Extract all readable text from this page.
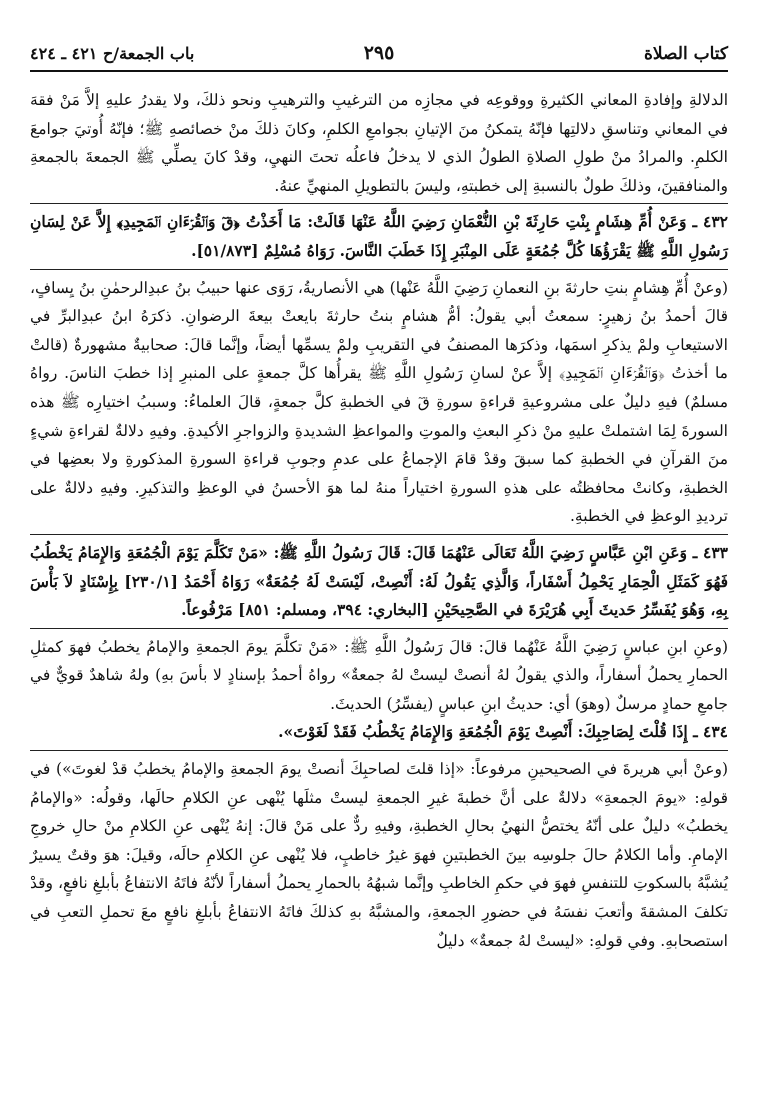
كتاب الصلاة
٢٩٥
باب الجمعة/ح ٤٢١ ـ ٤٢٤

الدلالةِ وإفادةِ المعاني الكثيرةِ ووقوعِه في مجازِه من الترغيبِ والترهيبِ ونحو ذلكَ، ولا يقدرُ عليهِ إلاَّ مَنْ فقهَ في المعاني وتناسقِ دلالتِها فإنّهُ يتمكنُ منَ الإتيانِ بجوامعِ الكلمِ، وكانَ ذلكَ منْ خصائصهِ ﷺ؛ فإنّهُ أُوتيَ جوامعَ الكلمِ. والمرادُ منْ طولِ الصلاةِ الطولُ الذي لا يدخلُ فاعلُه تحتَ النهيِ، وقدْ كانَ يصلِّي ﷺ الجمعةَ بالجمعةِ والمنافقينَ، وذلكَ طولٌ بالنسبةِ إلى خطبتهِ، وليسَ بالتطويلِ المنهيِّ عنهُ.

٤٣٢ ـ وَعَنْ أُمِّ هِشَامٍ بِنْتِ حَارِثَةَ بْنِ النُّعْمَانِ رَضِيَ اللَّهُ عَنْهَا قَالَتْ: مَا أَخَذْتُ ﴿قٓ وَٱلۡقُرۡءَانِ ٱلۡمَجِيدِ﴾ إِلاَّ عَنْ لِسَانِ رَسُولِ اللَّهِ ﷺ يَقْرَؤُهَا كُلَّ جُمُعَةٍ عَلَى المِنْبَرِ إِذَا خَطَبَ النَّاسَ. رَوَاهُ مُسْلِمٌ [٥١/٨٧٣].

(وعنْ أُمِّ هِشامٍ بنتِ حارثةَ بنِ النعمانِ رَضِيَ اللَّهُ عَنْها) هي الأنصاريةُ، رَوَى عنها حبيبُ بنُ عبدِالرحمٰنِ بنُ يِسافٍ، قالَ أحمدُ بنُ زهيرٍ: سمعتُ أبي يقولُ: أمُّ هشامٍ بنتُ حارثةَ بايعتْ بيعةَ الرضوانِ. ذكرَهُ ابنُ عبدِالبرِّ في الاستيعابِ ولمْ يذكرِ اسمَها، وذكرَها المصنفُ في التقريبِ ولمْ يسمِّها أيضاً، وإنَّما قالَ: صحابيةٌ مشهورةٌ (قالتْ ما أخذتُ ﴿وَٱلۡقُرۡءَانِ ٱلۡمَجِيدِ﴾ إلاَّ عنْ لسانِ رَسُولِ اللَّهِ ﷺ يقرأُها كلَّ جمعةٍ على المنبرِ إذا خطبَ الناسَ. رواهُ مسلمٌ) فيهِ دليلٌ على مشروعيةِ قراءةِ سورةِ قٓ في الخطبةِ كلَّ جمعةٍ، قالَ العلماءُ: وسببُ اختيارِه ﷺ هذه السورةَ لِمَا اشتملتْ عليهِ منْ ذكرِ البعثِ والموتِ والمواعظِ الشديدةِ والزواجرِ الأكيدةِ. وفيهِ دلالةٌ لقراءةِ شيءٍ منَ القرآنِ في الخطبةِ كما سبقَ وقدْ قامَ الإجماعُ على عدمِ وجوبِ قراءةِ السورةِ المذكورةِ ولا بعضِها في الخطبةِ، وكانتْ محافظتُه على هذهِ السورةِ اختياراً منهُ لما هوَ الأحسنُ في الوعظِ والتذكيرِ. وفيهِ دلالةٌ على ترديدِ الوعظِ في الخطبةِ.

٤٣٣ ـ وَعَنِ ابْنِ عَبَّاسٍ رَضِيَ اللَّهُ تَعَالَى عَنْهُمَا قَالَ: قَالَ رَسُولُ اللَّهِ ﷺ: «مَنْ تَكَلَّمَ يَوْمَ الْجُمُعَةِ وَالإِمَامُ يَخْطُبُ فَهُوَ كَمَثَلِ الْحِمَارِ يَحْمِلُ أَسْفَاراً، وَالَّذِي يَقُولُ لَهُ: أَنْصِتْ، لَيْسَتْ لَهُ جُمُعَةٌ» رَوَاهُ أَحْمَدُ [٢٣٠/١] بِإِسْنَادٍ لاَ بَأْسَ بِهِ، وَهُوَ يُفَسِّرُ حَديثَ أَبِي هُرَيْرَةَ في الصَّحِيحَيْنِ [البخاري: ٣٩٤، ومسلم: ٨٥١] مَرْفُوعاً.

(وعنِ ابنِ عباسٍ رَضِيَ اللَّهُ عَنْهُما قالَ: قالَ رَسُولُ اللَّهِ ﷺ: «مَنْ تكلَّمَ يومَ الجمعةِ والإمامُ يخطبُ فهوَ كمثلِ الحمارِ يحملُ أسفاراً، والذي يقولُ لهُ أنصتْ ليستْ لهُ جمعةٌ» رواهُ أحمدُ بإسنادٍ لا بأسَ بهِ) ولهُ شاهدٌ قويٌّ في جامعِ حمادٍ مرسلٌ (وهوَ) أي: حديثُ ابنِ عباسٍ (يفسِّرُ) الحديثَ.

٤٣٤ ـ إِذَا قُلْتَ لِصَاحِبِكَ: أَنْصِتْ يَوْمَ الْجُمُعَةِ وَالإِمَامُ يَخْطُبُ فَقَدْ لَغَوْتَ».

(وعنْ أبي هريرةَ في الصحيحينِ مرفوعاً: «إذا قلتَ لصاحبِكَ أنصتْ يومَ الجمعةِ والإمامُ يخطبُ قدْ لغوتَ») في قولهِ: «يومَ الجمعةِ» دلالةٌ على أنَّ خطبةَ غيرِ الجمعةِ ليستْ مثلَها يُنْهى عنِ الكلامِ حالَها، وقولُه: «والإمامُ يخطبُ» دليلٌ على أنّهُ يختصُّ النهيُ بحالِ الخطبةِ، وفيهِ ردٌّ على مَنْ قالَ: إنهُ يُنْهى عنِ الكلامِ منْ حالِ خروجِ الإمامِ. وأما الكلامُ حالَ جلوسِه بينَ الخطبتينِ فهوَ غيرُ خاطبٍ، فلا يُنْهى عنِ الكلامِ حالَه، وقيلَ: هوَ وقتٌ يسيرٌ يُشبَّهُ بالسكوتِ للتنفسِ فهوَ في حكمِ الخاطبِ وإنَّما شبهُهُ بالحمارِ يحملُ أسفاراً لأنّهُ فاتَهُ الانتفاعُ بأبلغِ نافعٍ، وقدْ تكلفَ المشقةَ وأتعبَ نفسَهُ في حضورِ الجمعةِ، والمشبَّهُ بهِ كذلكَ فاتَهُ الانتفاعُ بأبلغِ نافعٍ معَ تحملِ التعبِ في استصحابهِ. وفي قولهِ: «ليستْ لهُ جمعةٌ» دليلٌ
